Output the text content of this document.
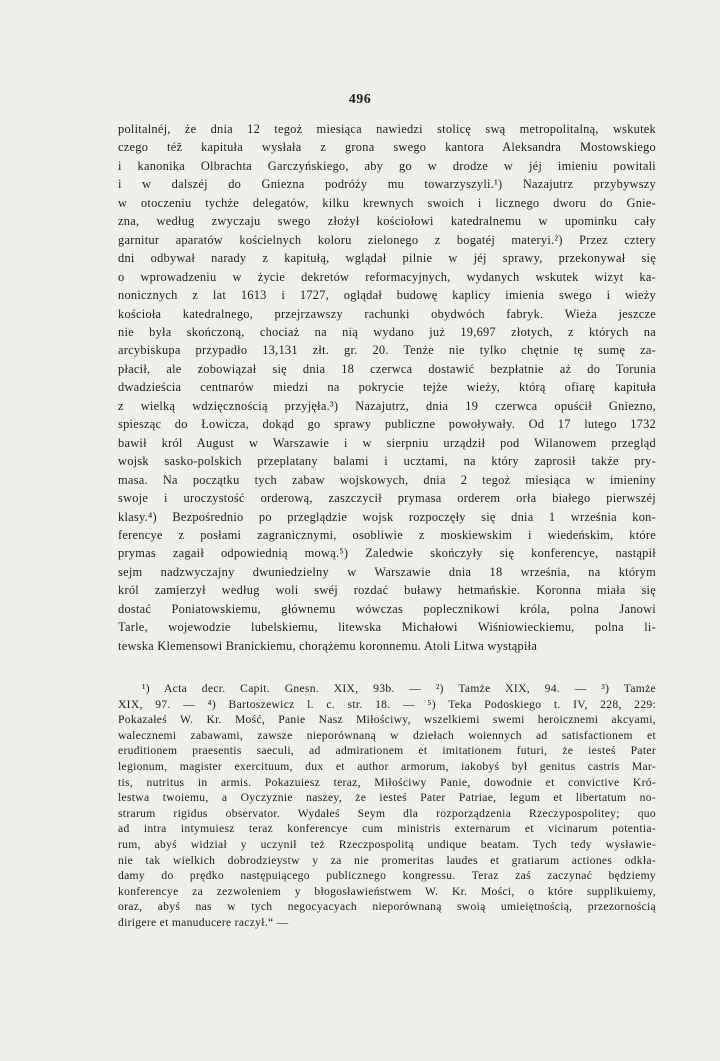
496
politalnéj, że dnia 12 tegoż miesiąca nawiedzi stolicę swą metropolitalną, wskutek
czego též kapituła wysłała z grona swego kantora Aleksandra Mostowskiego
i kanonika Olbrachta Garczyńskiego, aby go w drodze w jéj imieniu powitali
i w dalszéj do Gniezna podróży mu towarzyszyli.¹) Nazajutrz przybywszy
w otoczeniu tychże delegatów, kilku krewnych swoich i licznego dworu do Gnie-
zna, według zwyczaju swego złożył kościołowi katedralnemu w upominku cały
garnitur aparatów kościelnych koloru zielonego z bogatéj materyi.²) Przez cztery
dni odbywał narady z kapitułą, wglądał pilnie w jéj sprawy, przekonywał się
o wprowadzeniu w życie dekretów reformacyjnych, wydanych wskutek wizyt ka-
nonicznych z lat 1613 i 1727, oglądał budowę kaplicy imienia swego i wieży
kościoła katedralnego, przejrzawszy rachunki obydwóch fabryk. Wieża jeszcze
nie była skończoną, chociaż na nią wydano już 19,697 złotych, z których na
arcybiskupa przypadło 13,131 złt. gr. 20. Tenże nie tylko chętnie tę sumę za-
płacił, ale zobowiązał się dnia 18 czerwca dostawić bezpłatnie aż do Torunia
dwadzieścia centnarów miedzi na pokrycie tejże wieży, którą ofiarę kapituła
z wielką wdzięcznością przyjęła.³) Nazajutrz, dnia 19 czerwca opuścił Gniezno,
spiesząc do Łowicza, dokąd go sprawy publiczne powoływały. Od 17 lutego 1732
bawił król August w Warszawie i w sierpniu urządził pod Wilanowem przegląd
wojsk sasko-polskich przeplatany balami i ucztami, na który zaprosił także pry-
masa. Na początku tych zabaw wojskowych, dnia 2 tegoż miesiąca w imieniny
swoje i uroczystość orderową, zaszczycił prymasa orderem orła białego pierwszéj
klasy.⁴) Bezpośrednio po przeglądzie wojsk rozpoczęły się dnia 1 września kon-
ferencye z posłami zagranicznymi, osobliwie z moskiewskim i wiedeńskim, które
prymas zagaił odpowiednią mową.⁵) Zaledwie skończyły się konferencye, nastąpił
sejm nadzwyczajny dwuniedzielny w Warszawie dnia 18 września, na którym
król zamierzył według woli swéj rozdać buławy hetmańskie. Koronna miała się
dostać Poniatowskiemu, głównemu wówczas poplecznikowi króla, polna Janowi
Tarle, wojewodzie lubelskiemu, litewska Michałowi Wiśniowieckiemu, polna li-
tewska Klemensowi Branickiemu, chorążemu koronnemu. Atoli Litwa wystąpiła
¹) Acta decr. Capit. Gnesn. XIX, 93b. — ²) Tamże XIX, 94. — ³) Tamże
XIX, 97. — ⁴) Bartoszewicz l. c. str. 18. — ⁵) Teka Podoskiego t. IV, 228, 229:
Pokazałeś W. Kr. Mość, Panie Nasz Miłościwy, wszelkiemi swemi heroicznemi akcyami,
walecznemi zabawami, zawsze nieporównaną w dziełach woiennych ad satisfactionem et
eruditionem praesentis saeculi, ad admirationem et imitationem futuri, że iesteś Pater
legionum, magister exercituum, dux et author armorum, iakobyś był genitus castris Mar-
tis, nutritus in armis. Pokazuiesz teraz, Miłościwy Panie, dowodnie et convictive Kró-
lestwa twoiemu, a Oyczyznie naszey, że iesteś Pater Patriae, legum et libertatum no-
strarum rigidus observator. Wydałeś Seym dla rozporządzenia Rzeczypospolitey; quo
ad intra intymuiesz teraz konferencye cum ministris externarum et vicinarum potentia-
rum, abyś widział y uczynił też Rzeczpospolitą undique beatam. Tych tedy wysławie-
nie tak wielkich dobrodzieystw y za nie promeritas laudes et gratiarum actiones odkła-
damy do prędko następuiącego publicznego kongressu. Teraz zaś zaczynać będziemy
konferencye za zezwoleniem y błogosławieństwem W. Kr. Mości, o które supplikuiemy,
oraz, abyś nas w tych negocyacyach nieporównaną swoią umieiętnością, przezornością
dirigere et manuducere raczył.“ —
